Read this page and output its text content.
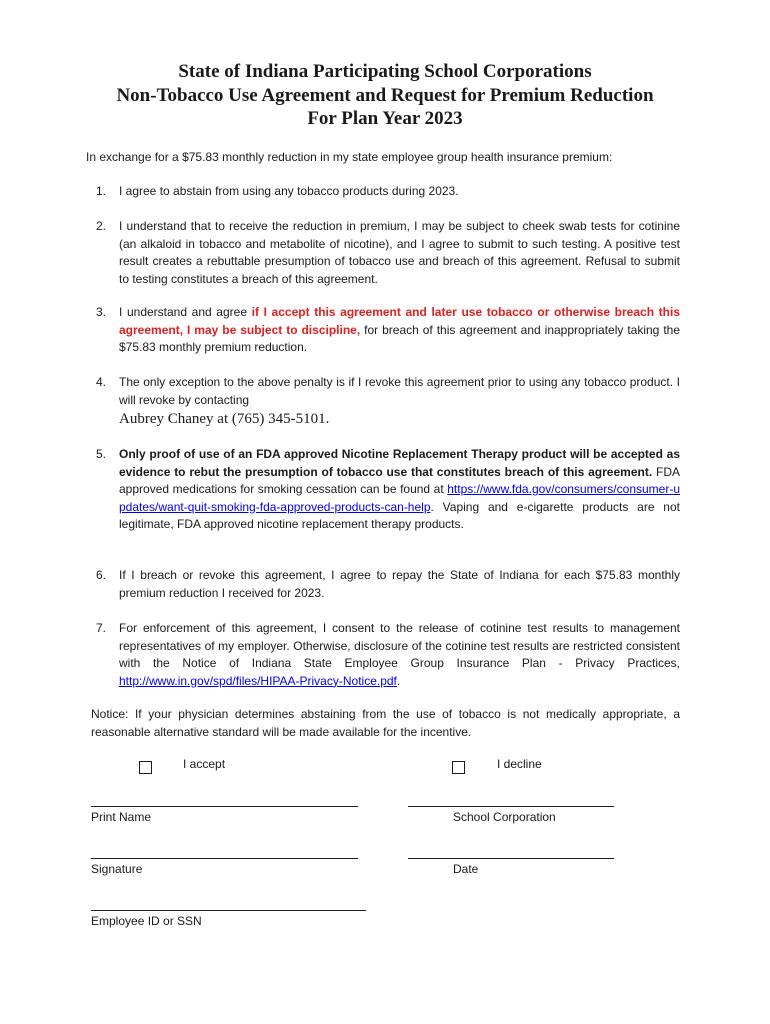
State of Indiana Participating School Corporations
Non-Tobacco Use Agreement and Request for Premium Reduction
For Plan Year 2023
In exchange for a $75.83 monthly reduction in my state employee group health insurance premium:
1. I agree to abstain from using any tobacco products during 2023.
2. I understand that to receive the reduction in premium, I may be subject to cheek swab tests for cotinine (an alkaloid in tobacco and metabolite of nicotine), and I agree to submit to such testing. A positive test result creates a rebuttable presumption of tobacco use and breach of this agreement. Refusal to submit to testing constitutes a breach of this agreement.
3. I understand and agree if I accept this agreement and later use tobacco or otherwise breach this agreement, I may be subject to discipline, for breach of this agreement and inappropriately taking the $75.83 monthly premium reduction.
4. The only exception to the above penalty is if I revoke this agreement prior to using any tobacco product. I will revoke by contacting
Aubrey Chaney at (765) 345-5101.
5. Only proof of use of an FDA approved Nicotine Replacement Therapy product will be accepted as evidence to rebut the presumption of tobacco use that constitutes breach of this agreement. FDA approved medications for smoking cessation can be found at https://www.fda.gov/consumers/consumer-updates/want-quit-smoking-fda-approved-products-can-help. Vaping and e-cigarette products are not legitimate, FDA approved nicotine replacement therapy products.
6. If I breach or revoke this agreement, I agree to repay the State of Indiana for each $75.83 monthly premium reduction I received for 2023.
7. For enforcement of this agreement, I consent to the release of cotinine test results to management representatives of my employer. Otherwise, disclosure of the cotinine test results are restricted consistent with the Notice of Indiana State Employee Group Insurance Plan - Privacy Practices, http://www.in.gov/spd/files/HIPAA-Privacy-Notice.pdf.
Notice: If your physician determines abstaining from the use of tobacco is not medically appropriate, a reasonable alternative standard will be made available for the incentive.
I accept	I decline
Print Name	School Corporation
Signature	Date
Employee ID or SSN
